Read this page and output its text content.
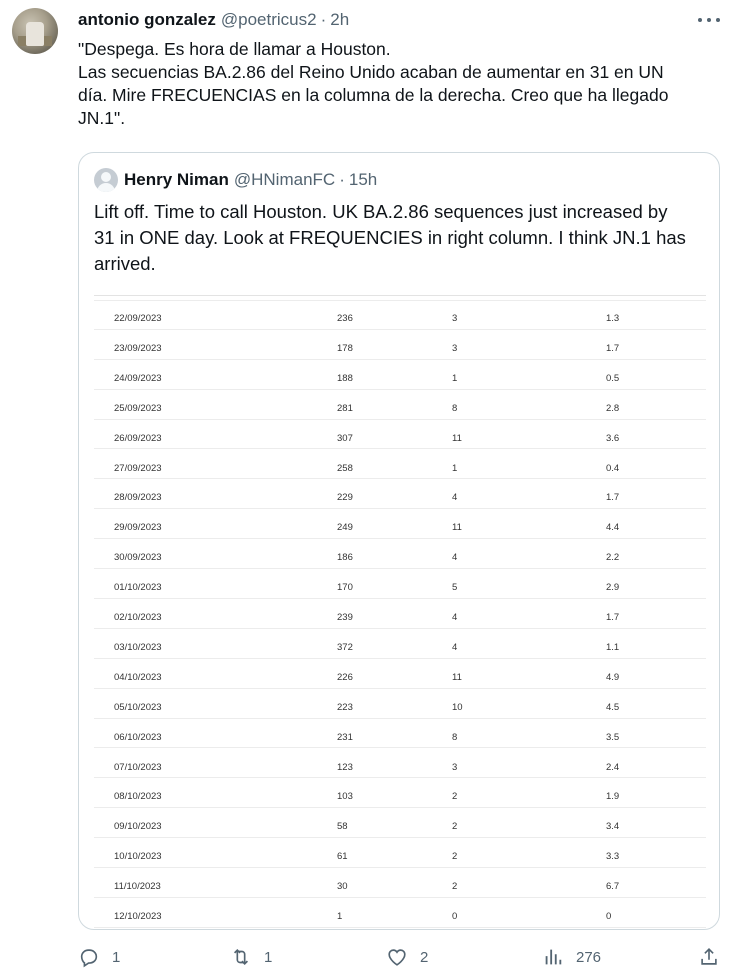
antonio gonzalez @poetricus2 · 2h
"Despega. Es hora de llamar a Houston.
Las secuencias BA.2.86 del Reino Unido acaban de aumentar en 31 en UN
día. Mire FRECUENCIAS en la columna de la derecha. Creo que ha llegado
JN.1".
Henry Niman @HNimanFC · 15h
Lift off. Time to call Houston. UK BA.2.86 sequences just increased by
31 in ONE day. Look at FREQUENCIES in right column. I think JN.1 has
arrived.
22/09/2023	236	3	1.3
23/09/2023	178	3	1.7
24/09/2023	188	1	0.5
25/09/2023	281	8	2.8
26/09/2023	307	11	3.6
27/09/2023	258	1	0.4
28/09/2023	229	4	1.7
29/09/2023	249	11	4.4
30/09/2023	186	4	2.2
01/10/2023	170	5	2.9
02/10/2023	239	4	1.7
03/10/2023	372	4	1.1
04/10/2023	226	11	4.9
05/10/2023	223	10	4.5
06/10/2023	231	8	3.5
07/10/2023	123	3	2.4
08/10/2023	103	2	1.9
09/10/2023	58	2	3.4
10/10/2023	61	2	3.3
11/10/2023	30	2	6.7
12/10/2023	1	0	0
1	1	2	276
